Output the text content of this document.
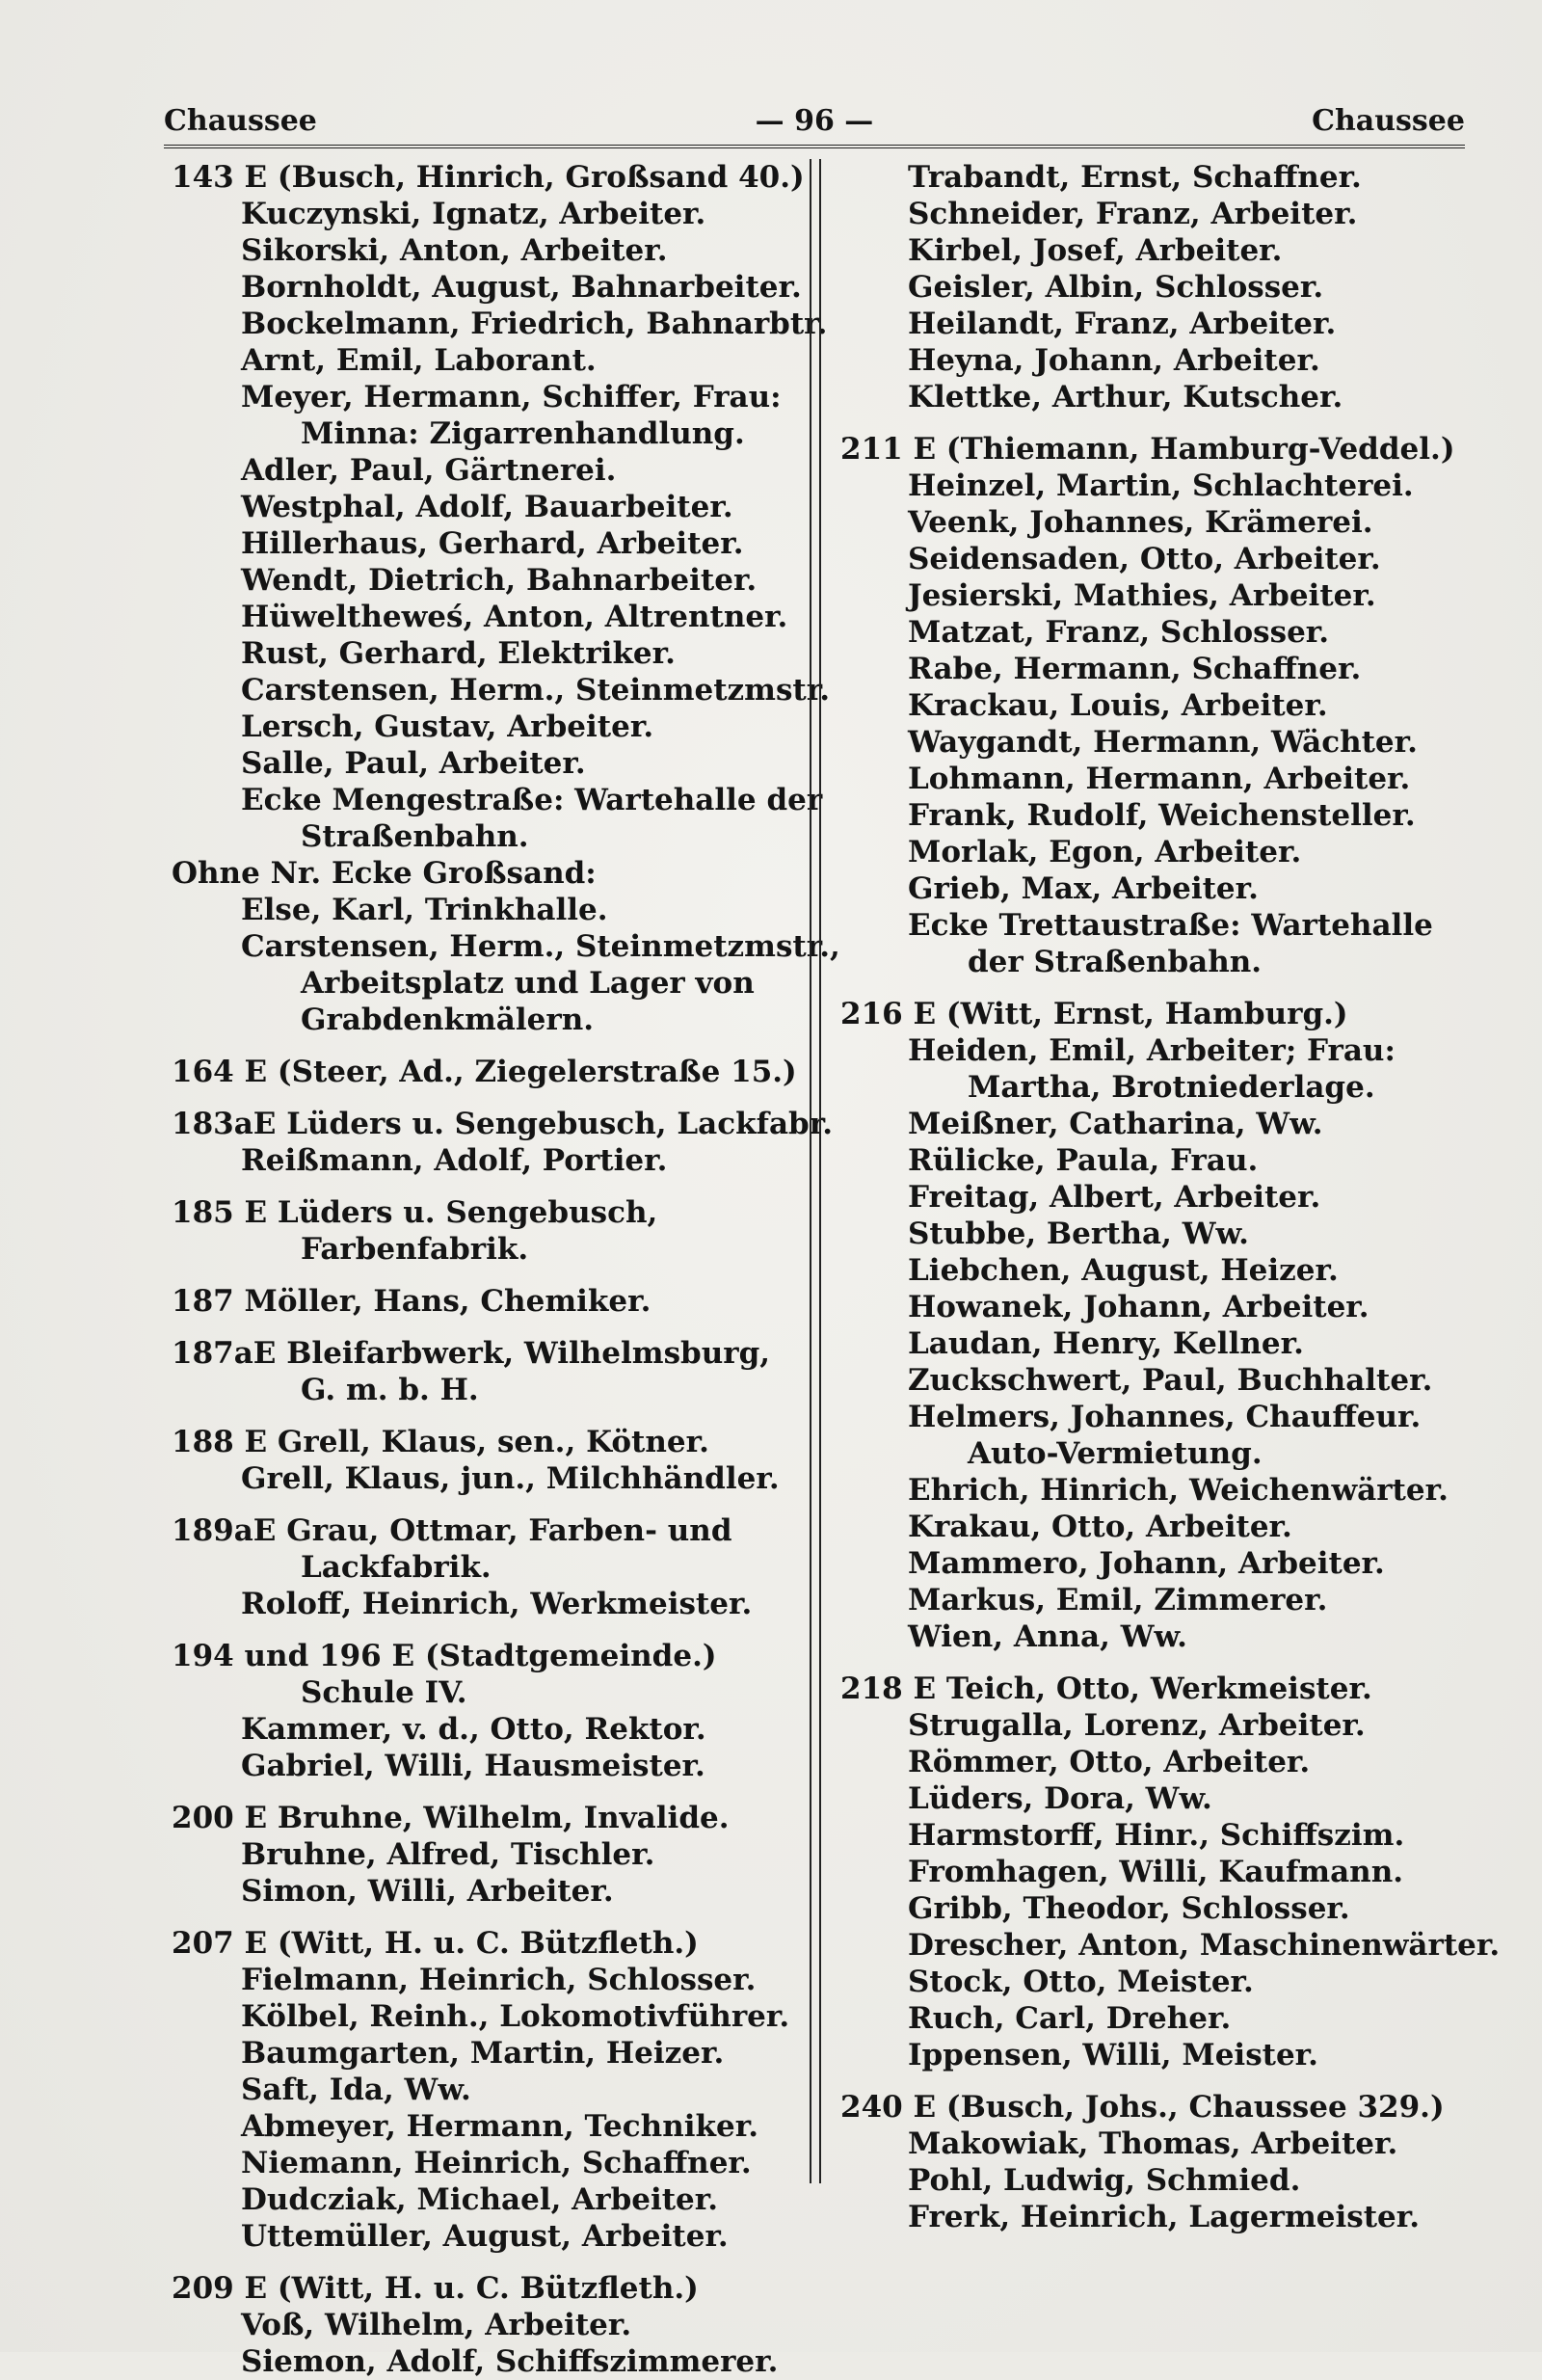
Chaussee	— 96 —	Chaussee
143 E (Busch, Hinrich, Großsand 40.)
Kuczynski, Ignatz, Arbeiter.
Sikorski, Anton, Arbeiter.
Bornholdt, August, Bahnarbeiter.
Bockelmann, Friedrich, Bahnarbtr.
Arnt, Emil, Laborant.
Meyer, Hermann, Schiffer, Frau:
Minna: Zigarrenhandlung.
Adler, Paul, Gärtnerei.
Westphal, Adolf, Bauarbeiter.
Hillerhaus, Gerhard, Arbeiter.
Wendt, Dietrich, Bahnarbeiter.
Hüweltheweś, Anton, Altrentner.
Rust, Gerhard, Elektriker.
Carstensen, Herm., Steinmetzmstr.
Lersch, Gustav, Arbeiter.
Salle, Paul, Arbeiter.
Ecke Mengestraße: Wartehalle der
Straßenbahn.
Ohne Nr. Ecke Großsand:
Else, Karl, Trinkhalle.
Carstensen, Herm., Steinmetzmstr.,
Arbeitsplatz und Lager von
Grabdenkmälern.
164 E (Steer, Ad., Ziegelerstraße 15.)
183aE Lüders u. Sengebusch, Lackfabr.
Reißmann, Adolf, Portier.
185 E Lüders u. Sengebusch,
Farbenfabrik.
187 Möller, Hans, Chemiker.
187aE Bleifarbwerk, Wilhelmsburg,
G. m. b. H.
188 E Grell, Klaus, sen., Kötner.
Grell, Klaus, jun., Milchhändler.
189aE Grau, Ottmar, Farben- und
Lackfabrik.
Roloff, Heinrich, Werkmeister.
194 und 196 E (Stadtgemeinde.)
Schule IV.
Kammer, v. d., Otto, Rektor.
Gabriel, Willi, Hausmeister.
200 E Bruhne, Wilhelm, Invalide.
Bruhne, Alfred, Tischler.
Simon, Willi, Arbeiter.
207 E (Witt, H. u. C. Bützfleth.)
Fielmann, Heinrich, Schlosser.
Kölbel, Reinh., Lokomotivführer.
Baumgarten, Martin, Heizer.
Saft, Ida, Ww.
Abmeyer, Hermann, Techniker.
Niemann, Heinrich, Schaffner.
Dudcziak, Michael, Arbeiter.
Uttemüller, August, Arbeiter.
209 E (Witt, H. u. C. Bützfleth.)
Voß, Wilhelm, Arbeiter.
Siemon, Adolf, Schiffszimmerer.
Trabandt, Ernst, Schaffner.
Schneider, Franz, Arbeiter.
Kirbel, Josef, Arbeiter.
Geisler, Albin, Schlosser.
Heilandt, Franz, Arbeiter.
Heyna, Johann, Arbeiter.
Klettke, Arthur, Kutscher.
211 E (Thiemann, Hamburg-Veddel.)
Heinzel, Martin, Schlachterei.
Veenk, Johannes, Krämerei.
Seidensaden, Otto, Arbeiter.
Jesierski, Mathies, Arbeiter.
Matzat, Franz, Schlosser.
Rabe, Hermann, Schaffner.
Krackau, Louis, Arbeiter.
Waygandt, Hermann, Wächter.
Lohmann, Hermann, Arbeiter.
Frank, Rudolf, Weichensteller.
Morlak, Egon, Arbeiter.
Grieb, Max, Arbeiter.
Ecke Trettaustraße: Wartehalle
der Straßenbahn.
216 E (Witt, Ernst, Hamburg.)
Heiden, Emil, Arbeiter; Frau:
Martha, Brotniederlage.
Meißner, Catharina, Ww.
Rülicke, Paula, Frau.
Freitag, Albert, Arbeiter.
Stubbe, Bertha, Ww.
Liebchen, August, Heizer.
Howanek, Johann, Arbeiter.
Laudan, Henry, Kellner.
Zuckschwert, Paul, Buchhalter.
Helmers, Johannes, Chauffeur.
Auto-Vermietung.
Ehrich, Hinrich, Weichenwärter.
Krakau, Otto, Arbeiter.
Mammero, Johann, Arbeiter.
Markus, Emil, Zimmerer.
Wien, Anna, Ww.
218 E Teich, Otto, Werkmeister.
Strugalla, Lorenz, Arbeiter.
Römmer, Otto, Arbeiter.
Lüders, Dora, Ww.
Harmstorff, Hinr., Schiffszim.
Fromhagen, Willi, Kaufmann.
Gribb, Theodor, Schlosser.
Drescher, Anton, Maschinenwärter.
Stock, Otto, Meister.
Ruch, Carl, Dreher.
Ippensen, Willi, Meister.
240 E (Busch, Johs., Chaussee 329.)
Makowiak, Thomas, Arbeiter.
Pohl, Ludwig, Schmied.
Frerk, Heinrich, Lagermeister.
